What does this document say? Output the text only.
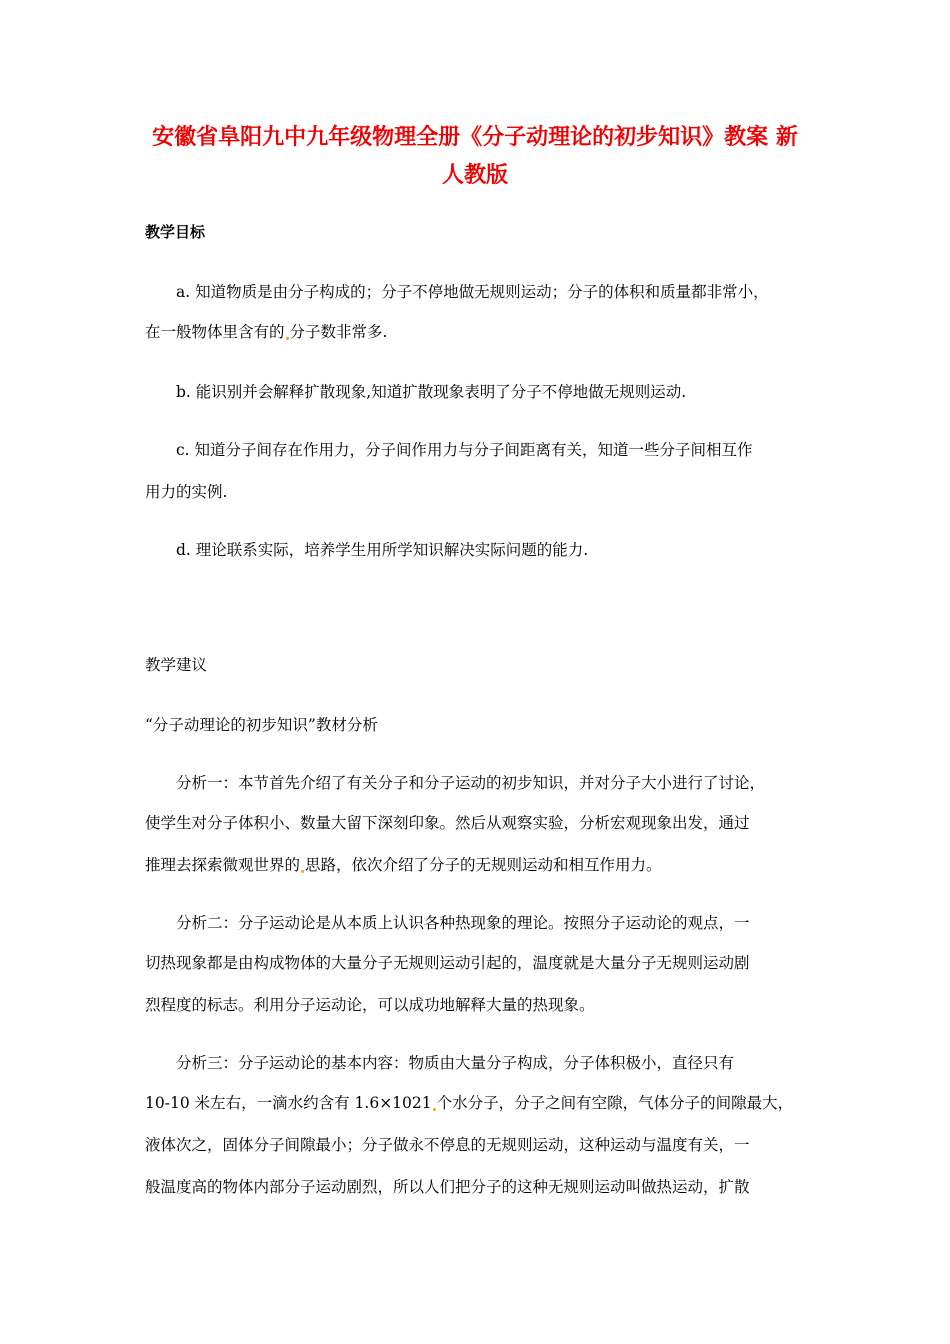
安徽省阜阳九中九年级物理全册《分子动理论的初步知识》教案 新
人教版

教学目标

a. 知道物质是由分子构成的；分子不停地做无规则运动；分子的体积和质量都非常小，

在一般物体里含有的 分子数非常多.

b. 能识别并会解释扩散现象,知道扩散现象表明了分子不停地做无规则运动.

c. 知道分子间存在作用力，分子间作用力与分子间距离有关，知道一些分子间相互作

用力的实例.

d. 理论联系实际，培养学生用所学知识解决实际问题的能力.

教学建议

“分子动理论的初步知识”教材分析

分析一：本节首先介绍了有关分子和分子运动的初步知识，并对分子大小进行了讨论，

使学生对分子体积小、数量大留下深刻印象。然后从观察实验，分析宏观现象出发，通过

推理去探索微观世界的 思路，依次介绍了分子的无规则运动和相互作用力。

分析二：分子运动论是从本质上认识各种热现象的理论。按照分子运动论的观点，一

切热现象都是由构成物体的大量分子无规则运动引起的，温度就是大量分子无规则运动剧

烈程度的标志。利用分子运动论，可以成功地解释大量的热现象。

分析三：分子运动论的基本内容：物质由大量分子构成，分子体积极小，直径只有

10-10 米左右，一滴水约含有 1.6×1021 个水分子，分子之间有空隙，气体分子的间隙最大，

液体次之，固体分子间隙最小；分子做永不停息的无规则运动，这种运动与温度有关，一

般温度高的物体内部分子运动剧烈，所以人们把分子的这种无规则运动叫做热运动，扩散
